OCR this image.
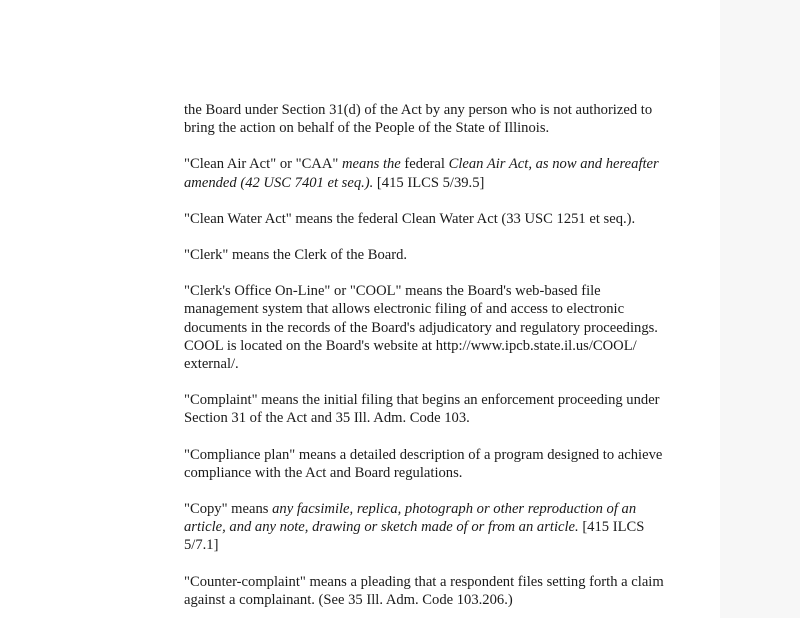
the Board under Section 31(d) of the Act by any person who is not authorized to
bring the action on behalf of the People of the State of Illinois.
"Clean Air Act" or "CAA" means the federal Clean Air Act, as now and hereafter
amended (42 USC 7401 et seq.). [415 ILCS 5/39.5]
"Clean Water Act" means the federal Clean Water Act (33 USC 1251 et seq.).
"Clerk" means the Clerk of the Board.
"Clerk's Office On-Line" or "COOL" means the Board's web-based file
management system that allows electronic filing of and access to electronic
documents in the records of the Board's adjudicatory and regulatory proceedings.
COOL is located on the Board's website at http://www.ipcb.state.il.us/COOL/
external/.
"Complaint" means the initial filing that begins an enforcement proceeding under
Section 31 of the Act and 35 Ill. Adm. Code 103.
"Compliance plan" means a detailed description of a program designed to achieve
compliance with the Act and Board regulations.
"Copy" means any facsimile, replica, photograph or other reproduction of an
article, and any note, drawing or sketch made of or from an article. [415 ILCS
5/7.1]
"Counter-complaint" means a pleading that a respondent files setting forth a claim
against a complainant. (See 35 Ill. Adm. Code 103.206.)
